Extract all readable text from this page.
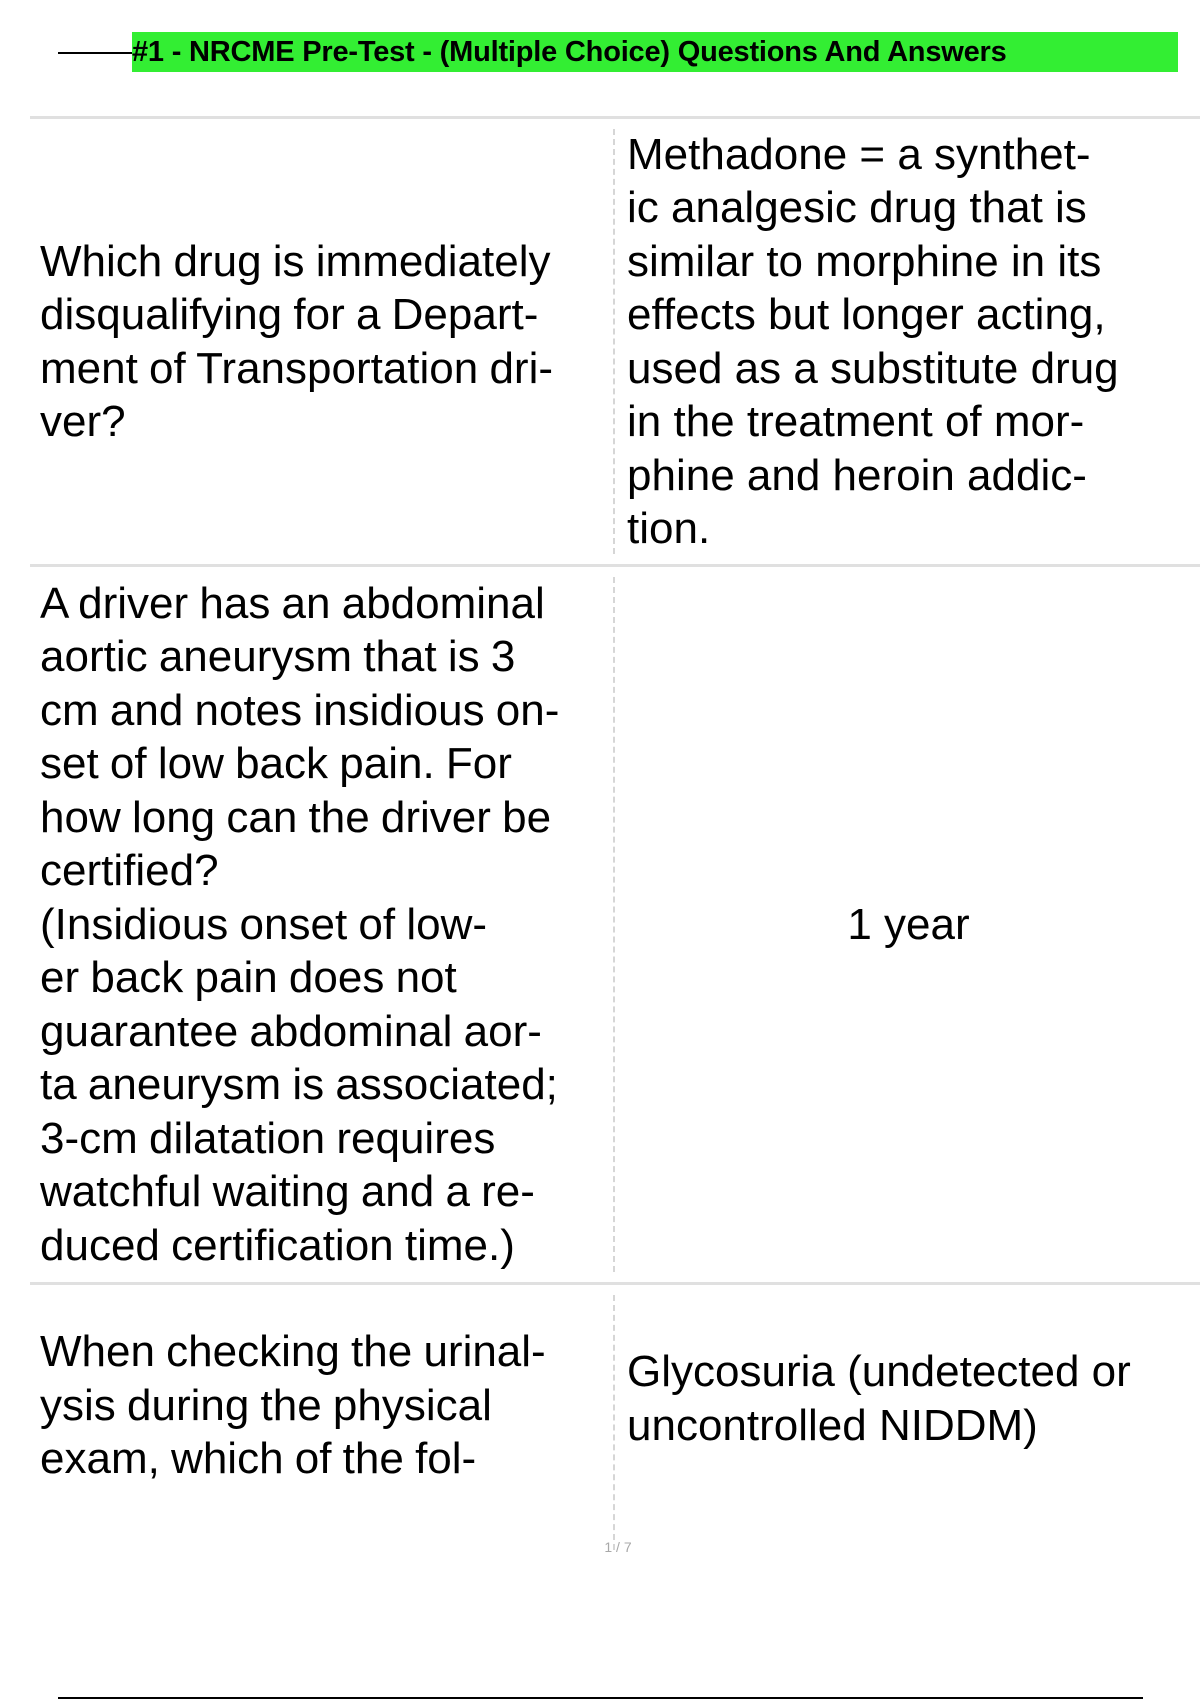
#1 - NRCME Pre-Test - (Multiple Choice) Questions And Answers
Which drug is immediately
disqualifying for a Depart-
ment of Transportation dri-
ver?
Methadone = a synthet-
ic analgesic drug that is
similar to morphine in its
effects but longer acting,
used as a substitute drug
in the treatment of mor-
phine and heroin addic-
tion.
A driver has an abdominal
aortic aneurysm that is 3
cm and notes insidious on-
set of low back pain. For
how long can the driver be
certified?
(Insidious onset of low-
er back pain does not
guarantee abdominal aor-
ta aneurysm is associated;
3-cm dilatation requires
watchful waiting and a re-
duced certification time.)
1 year
When checking the urinal-
ysis during the physical
exam, which of the fol-
Glycosuria (undetected or
uncontrolled NIDDM)
1 / 7
